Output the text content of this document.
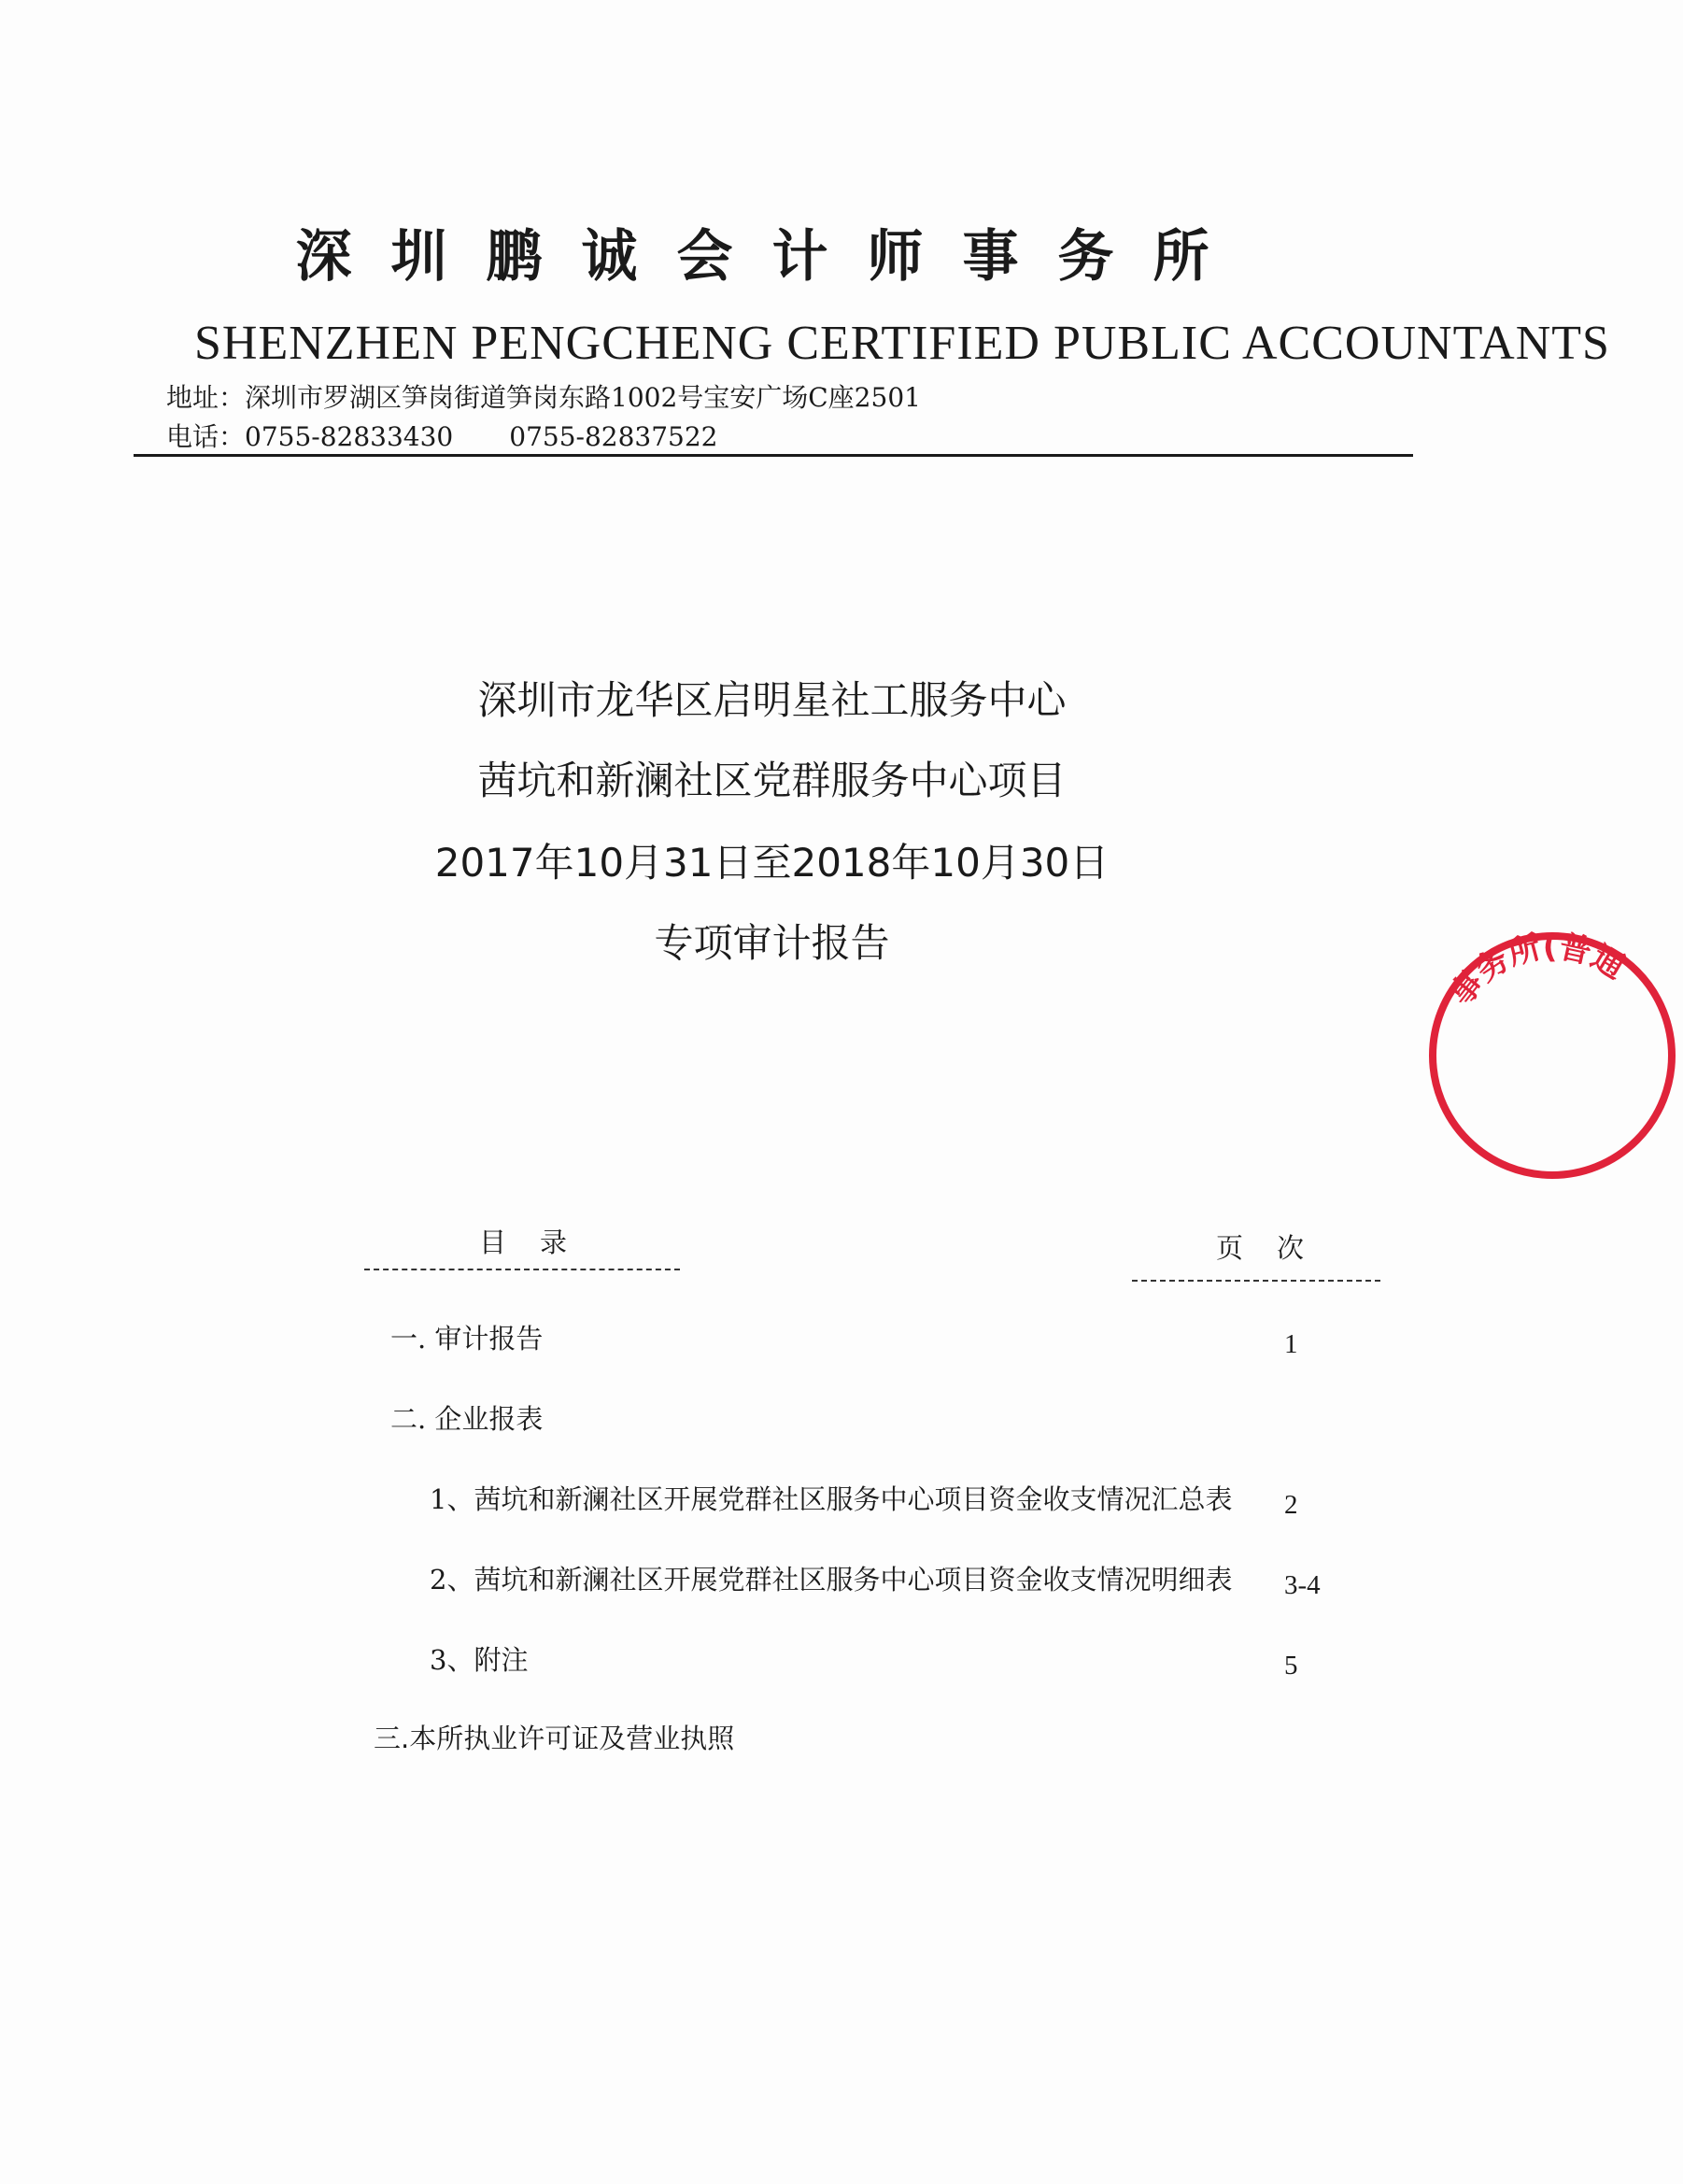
深圳鹏诚会计师事务所
SHENZHEN PENGCHENG CERTIFIED PUBLIC ACCOUNTANTS
地址：深圳市罗湖区笋岗街道笋岗东路1002号宝安广场C座2501
电话：0755-82833430 0755-82837522
深圳市龙华区启明星社工服务中心
茜坑和新澜社区党群服务中心项目
2017年10月31日至2018年10月30日
专项审计报告
事务所(普通
目录	页次
一. 审计报告	1
二. 企业报表
1、茜坑和新澜社区开展党群社区服务中心项目资金收支情况汇总表 2
2、茜坑和新澜社区开展党群社区服务中心项目资金收支情况明细表 3-4
3、附注	5
三.本所执业许可证及营业执照
